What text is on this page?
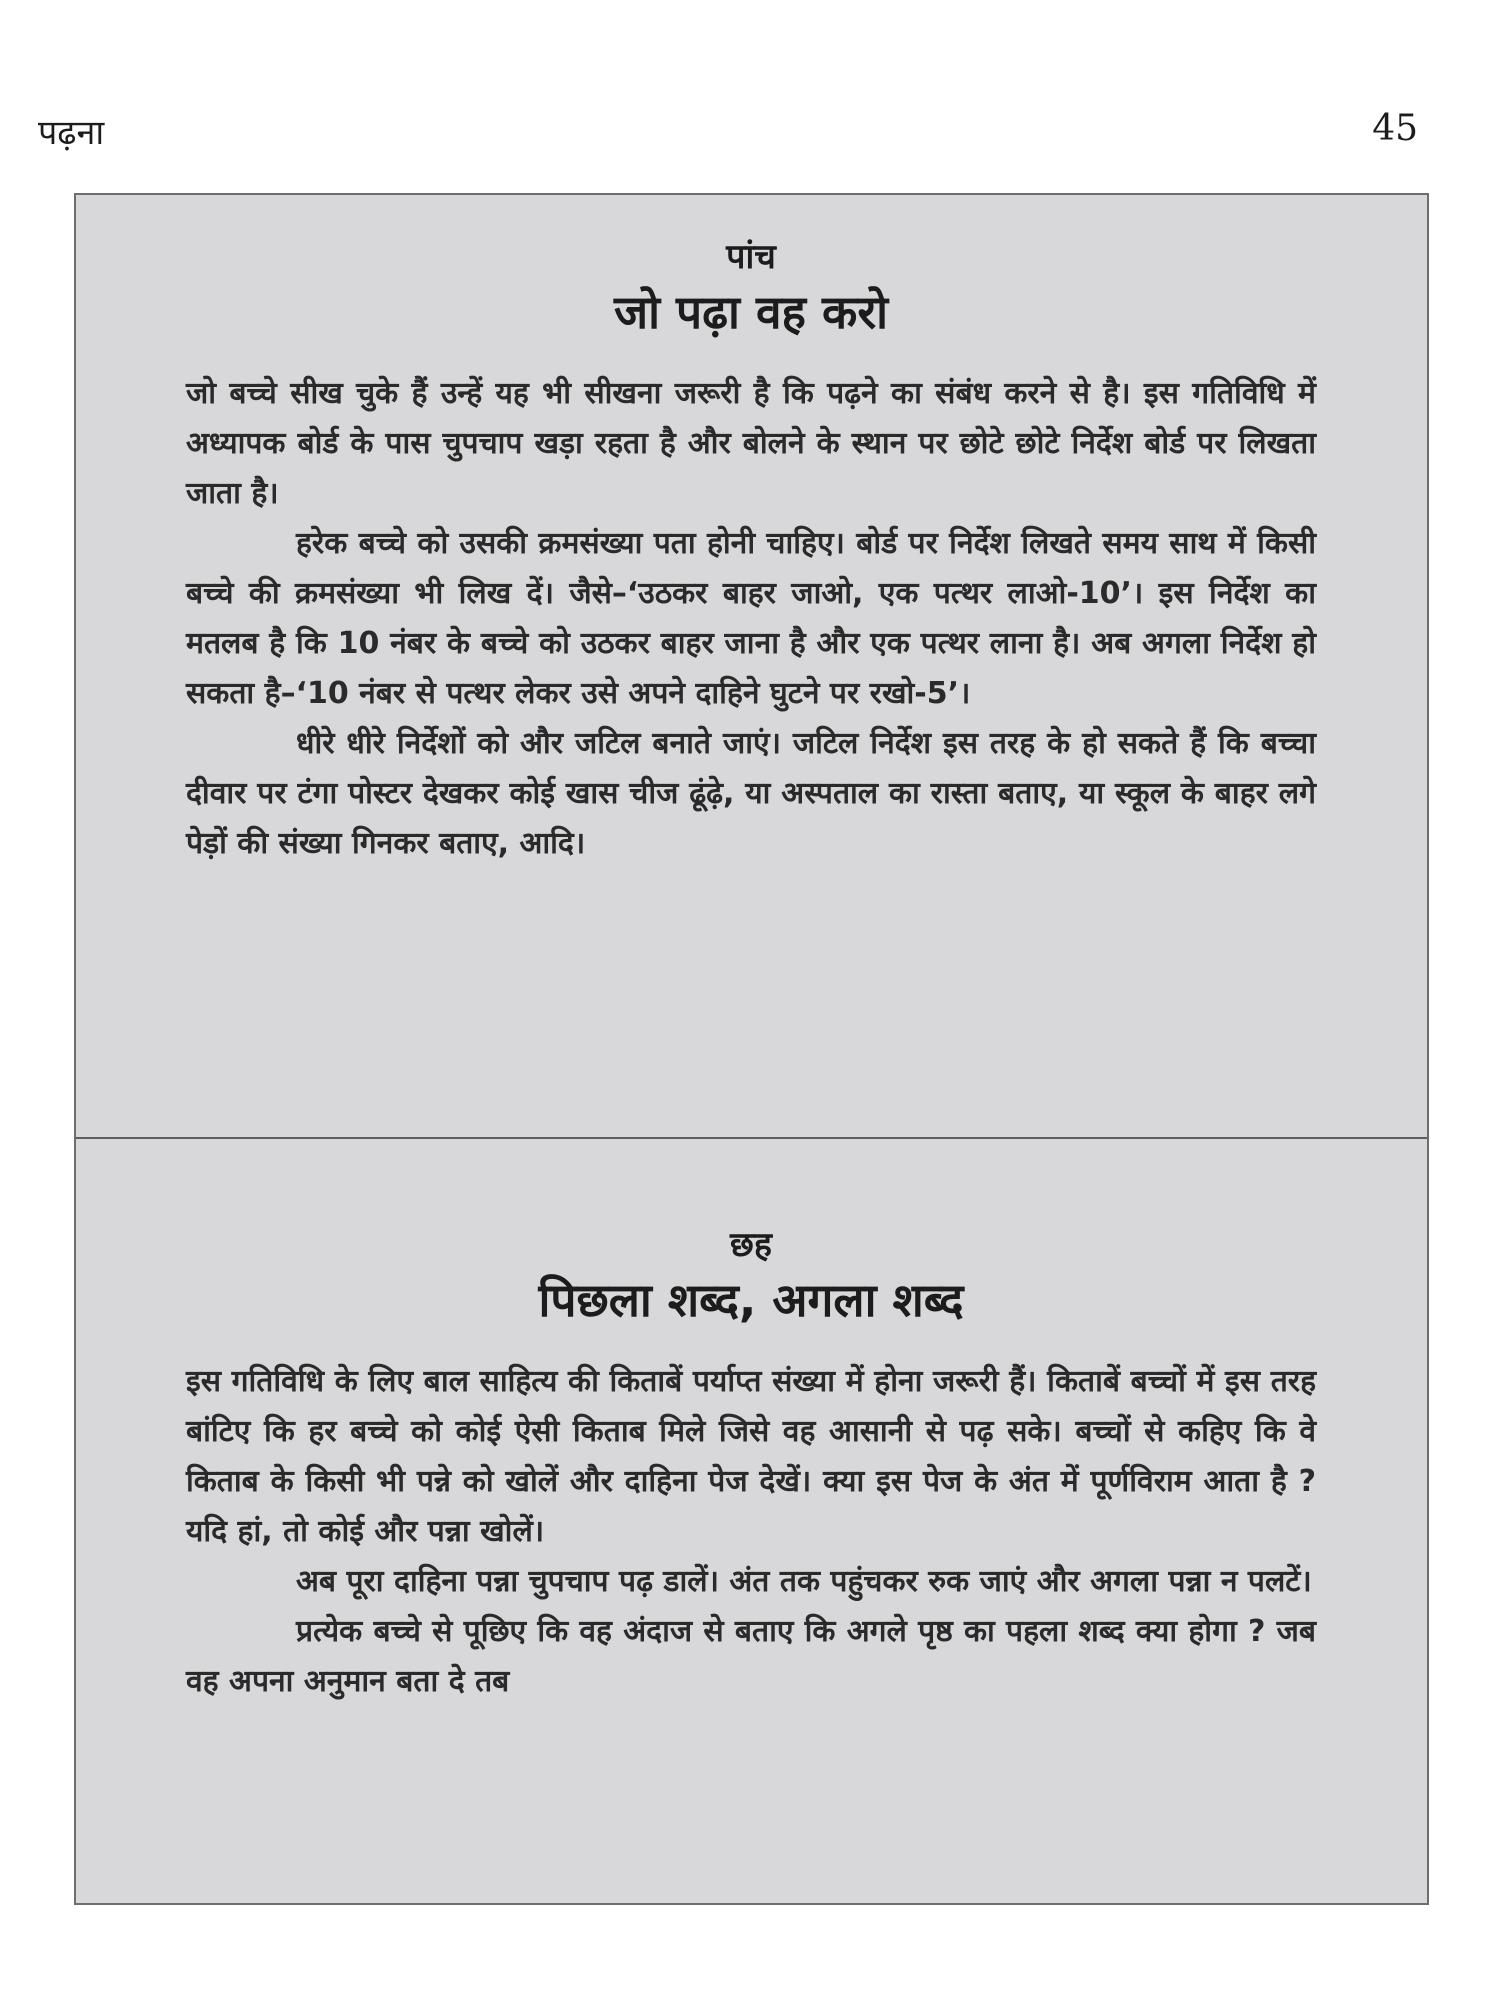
पढ़ना	45

पांच

जो पढ़ा वह करो

जो बच्चे सीख चुके हैं उन्हें यह भी सीखना जरूरी है कि पढ़ने का संबंध करने से है। इस गतिविधि में अध्यापक बोर्ड के पास चुपचाप खड़ा रहता है और बोलने के स्थान पर छोटे छोटे निर्देश बोर्ड पर लिखता जाता है।

हरेक बच्चे को उसकी क्रमसंख्या पता होनी चाहिए। बोर्ड पर निर्देश लिखते समय साथ में किसी बच्चे की क्रमसंख्या भी लिख दें। जैसे–‘उठकर बाहर जाओ, एक पत्थर लाओ-10’। इस निर्देश का मतलब है कि 10 नंबर के बच्चे को उठकर बाहर जाना है और एक पत्थर लाना है। अब अगला निर्देश हो सकता है–‘10 नंबर से पत्थर लेकर उसे अपने दाहिने घुटने पर रखो-5’।

धीरे धीरे निर्देशों को और जटिल बनाते जाएं। जटिल निर्देश इस तरह के हो सकते हैं कि बच्चा दीवार पर टंगा पोस्टर देखकर कोई खास चीज ढूंढ़े, या अस्पताल का रास्ता बताए, या स्कूल के बाहर लगे पेड़ों की संख्या गिनकर बताए, आदि।

छह

पिछला शब्द, अगला शब्द

इस गतिविधि के लिए बाल साहित्य की किताबें पर्याप्त संख्या में होना जरूरी हैं। किताबें बच्चों में इस तरह बांटिए कि हर बच्चे को कोई ऐसी किताब मिले जिसे वह आसानी से पढ़ सके। बच्चों से कहिए कि वे किताब के किसी भी पन्ने को खोलें और दाहिना पेज देखें। क्या इस पेज के अंत में पूर्णविराम आता है ? यदि हां, तो कोई और पन्ना खोलें।

अब पूरा दाहिना पन्ना चुपचाप पढ़ डालें। अंत तक पहुंचकर रुक जाएं और अगला पन्ना न पलटें।

प्रत्येक बच्चे से पूछिए कि वह अंदाज से बताए कि अगले पृष्ठ का पहला शब्द क्या होगा ? जब वह अपना अनुमान बता दे तब
